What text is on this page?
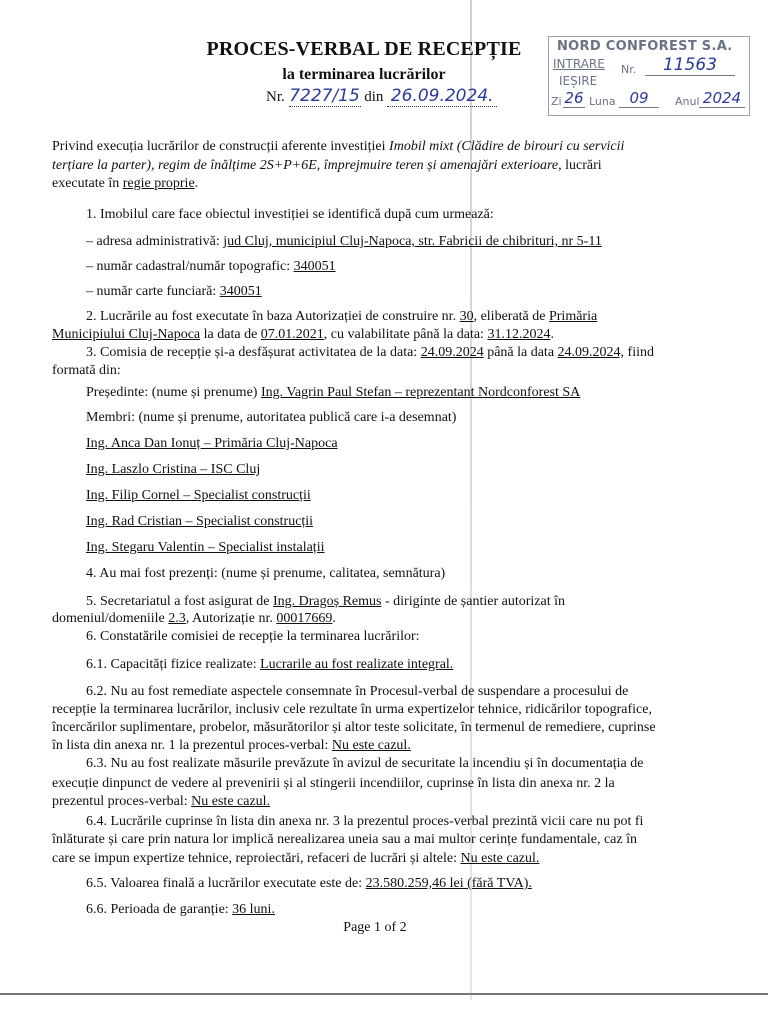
PROCES-VERBAL DE RECEPȚIE
la terminarea lucrărilor
Nr. 7227/15 din 26.09.2024.
NORD CONFOREST S.A.
INTRARE
IEȘIRE
Nr.	11563
Zi 26 Luna 09	Anul 2024
Privind execuția lucrărilor de construcții aferente investiției Imobil mixt (Clădire de birouri cu servicii
terțiare la parter), regim de înălțime 2S+P+6E, împrejmuire teren și amenajări exterioare, lucrări
executate în regie proprie.
1. Imobilul care face obiectul investiției se identifică după cum urmează:
– adresa administrativă: jud Cluj, municipiul Cluj-Napoca, str. Fabricii de chibrituri, nr 5-11
– număr cadastral/număr topografic: 340051
– număr carte funciară: 340051
2. Lucrările au fost executate în baza Autorizației de construire nr. 30, eliberată de Primăria
Municipiului Cluj-Napoca la data de 07.01.2021, cu valabilitate până la data: 31.12.2024.
3. Comisia de recepție și-a desfășurat activitatea de la data: 24.09.2024 până la data 24.09.2024, fiind
formată din:
Președinte: (nume și prenume) Ing. Vagrin Paul Stefan – reprezentant Nordconforest SA
Membri: (nume și prenume, autoritatea publică care i-a desemnat)
Ing. Anca Dan Ionuț – Primăria Cluj-Napoca
Ing. Laszlo Cristina – ISC Cluj
Ing. Filip Cornel – Specialist construcții
Ing. Rad Cristian – Specialist construcții
Ing. Stegaru Valentin – Specialist instalații
4. Au mai fost prezenți: (nume și prenume, calitatea, semnătura)
5. Secretariatul a fost asigurat de Ing. Dragoș Remus - diriginte de șantier autorizat în
domeniul/domeniile 2.3, Autorizație nr. 00017669.
6. Constatările comisiei de recepție la terminarea lucrărilor:
6.1. Capacități fizice realizate: Lucrarile au fost realizate integral.
6.2. Nu au fost remediate aspectele consemnate în Procesul-verbal de suspendare a procesului de
recepție la terminarea lucrărilor, inclusiv cele rezultate în urma expertizelor tehnice, ridicărilor topografice,
încercărilor suplimentare, probelor, măsurătorilor și altor teste solicitate, în termenul de remediere, cuprinse
în lista din anexa nr. 1 la prezentul proces-verbal: Nu este cazul.
6.3. Nu au fost realizate măsurile prevăzute în avizul de securitate la incendiu și în documentația de
execuție dinpunct de vedere al prevenirii și al stingerii incendiilor, cuprinse în lista din anexa nr. 2 la
prezentul proces-verbal: Nu este cazul.
6.4. Lucrările cuprinse în lista din anexa nr. 3 la prezentul proces-verbal prezintă vicii care nu pot fi
înlăturate și care prin natura lor implică nerealizarea uneia sau a mai multor cerințe fundamentale, caz în
care se impun expertize tehnice, reproiectări, refaceri de lucrări și altele: Nu este cazul.
6.5. Valoarea finală a lucrărilor executate este de: 23.580.259,46 lei (fără TVA).
6.6. Perioada de garanție: 36 luni.
Page 1 of 2
